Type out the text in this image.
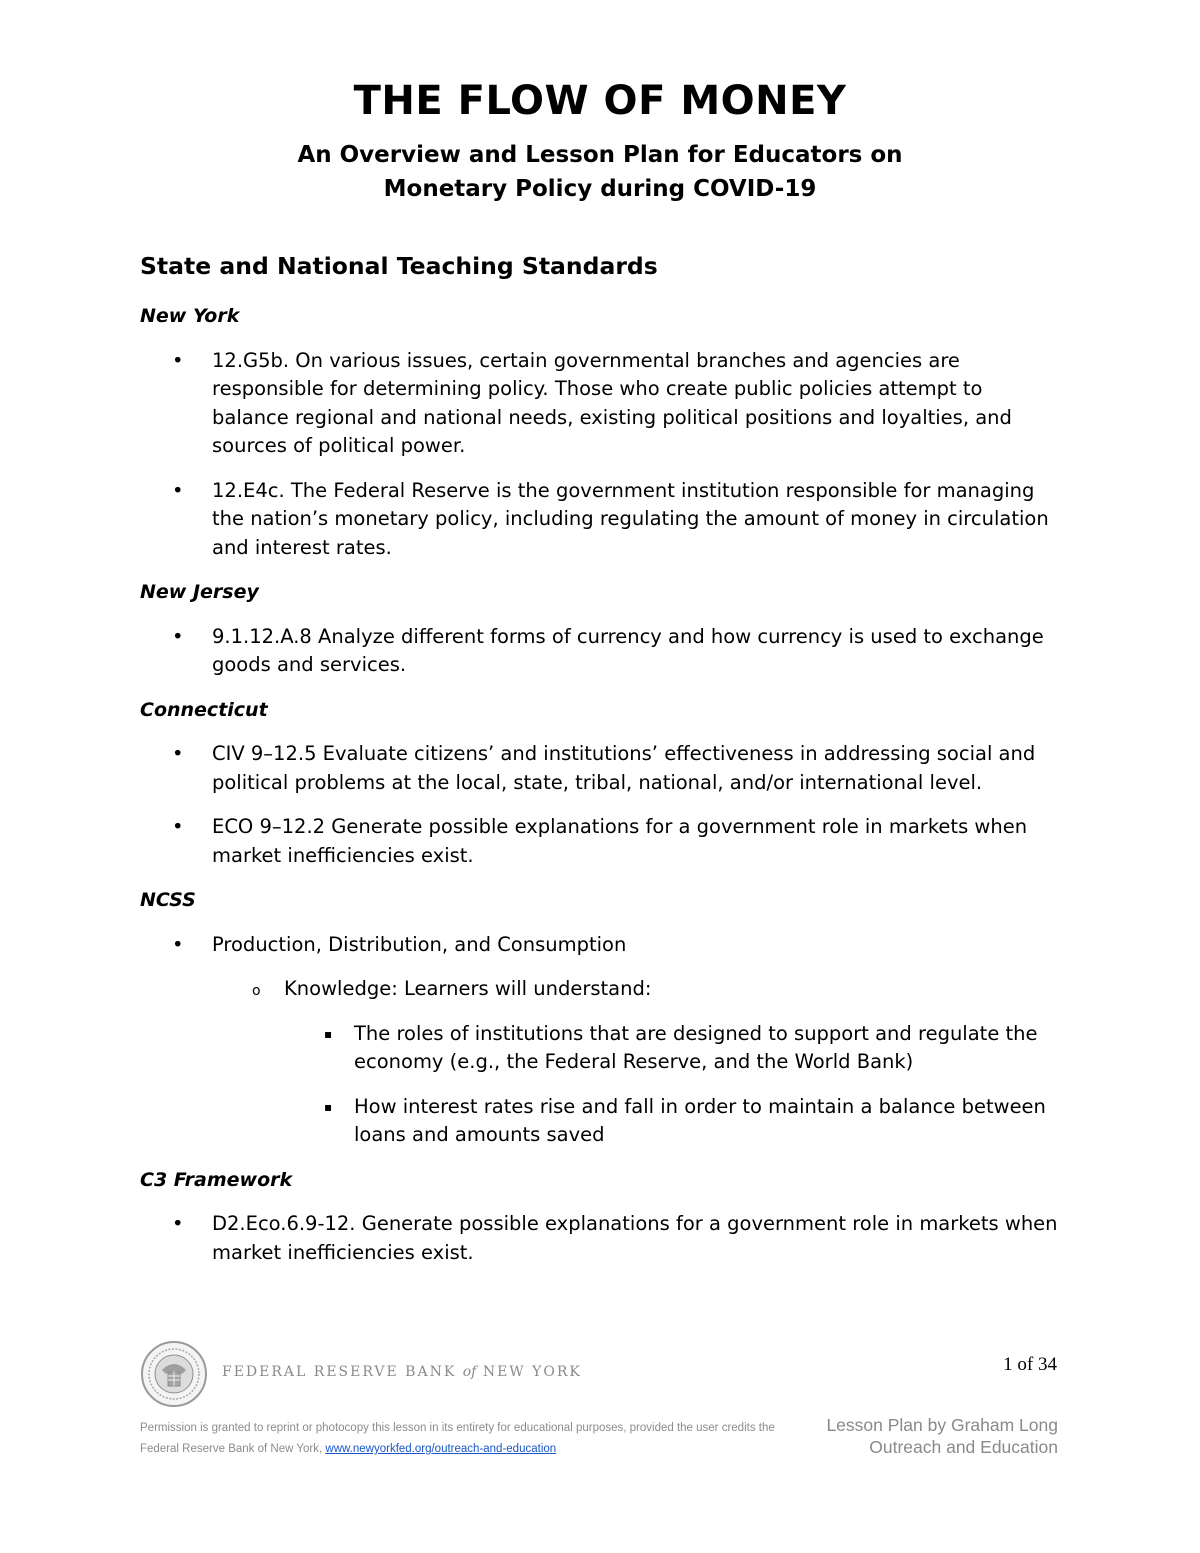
THE FLOW OF MONEY
An Overview and Lesson Plan for Educators on
Monetary Policy during COVID-19
State and National Teaching Standards

New York

• 12.G5b. On various issues, certain governmental branches and agencies are responsible for determining policy. Those who create public policies attempt to balance regional and national needs, existing political positions and loyalties, and sources of political power.
• 12.E4c. The Federal Reserve is the government institution responsible for managing the nation’s monetary policy, including regulating the amount of money in circulation and interest rates.

New Jersey

• 9.1.12.A.8 Analyze different forms of currency and how currency is used to exchange goods and services.

Connecticut

• CIV 9–12.5 Evaluate citizens’ and institutions’ effectiveness in addressing social and political problems at the local, state, tribal, national, and/or international level.
• ECO 9–12.2 Generate possible explanations for a government role in markets when market inefficiencies exist.

NCSS

• Production, Distribution, and Consumption
o Knowledge: Learners will understand:
▪ The roles of institutions that are designed to support and regulate the economy (e.g., the Federal Reserve, and the World Bank)
▪ How interest rates rise and fall in order to maintain a balance between loans and amounts saved

C3 Framework

• D2.Eco.6.9-12. Generate possible explanations for a government role in markets when market inefficiencies exist.
FEDERAL RESERVE BANK of NEW YORK	1 of 34
Permission is granted to reprint or photocopy this lesson in its entirety for educational purposes, provided the user credits the Federal Reserve Bank of New York, www.newyorkfed.org/outreach-and-education
Lesson Plan by Graham Long
Outreach and Education
